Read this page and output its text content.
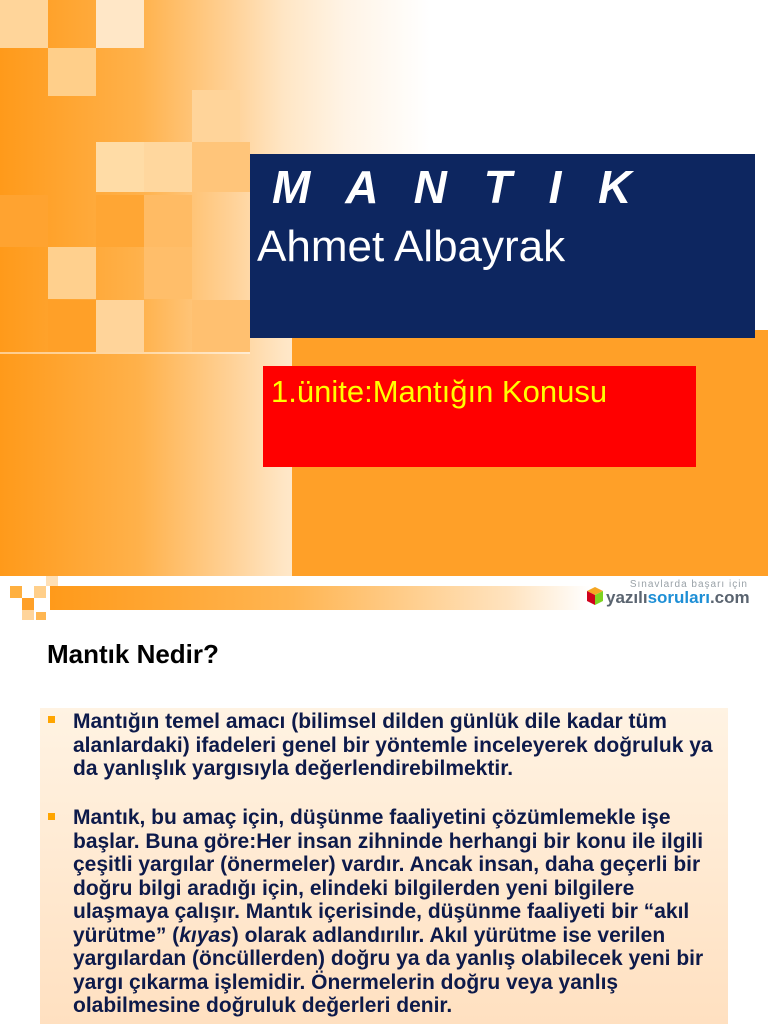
M A N T I K
Ahmet Albayrak
1.ünite:Mantığın Konusu
Sınavlarda başarı için
yazılısoruları.com
Mantık Nedir?
Mantığın temel amacı (bilimsel dilden günlük dile kadar tüm alanlardaki) ifadeleri genel bir yöntemle inceleyerek doğruluk ya da yanlışlık yargısıyla değerlendirebilmektir.
Mantık, bu amaç için, düşünme faaliyetini çözümlemekle işe başlar. Buna göre:Her insan zihninde herhangi bir konu ile ilgili çeşitli yargılar (önermeler) vardır. Ancak insan, daha geçerli bir doğru bilgi aradığı için, elindeki bilgilerden yeni bilgilere ulaşmaya çalışır. Mantık içerisinde, düşünme faaliyeti bir “akıl yürütme” (kıyas) olarak adlandırılır. Akıl yürütme ise verilen yargılardan (öncüllerden) doğru ya da yanlış olabilecek yeni bir yargı çıkarma işlemidir. Önermelerin doğru veya yanlış olabilmesine doğruluk değerleri denir.
